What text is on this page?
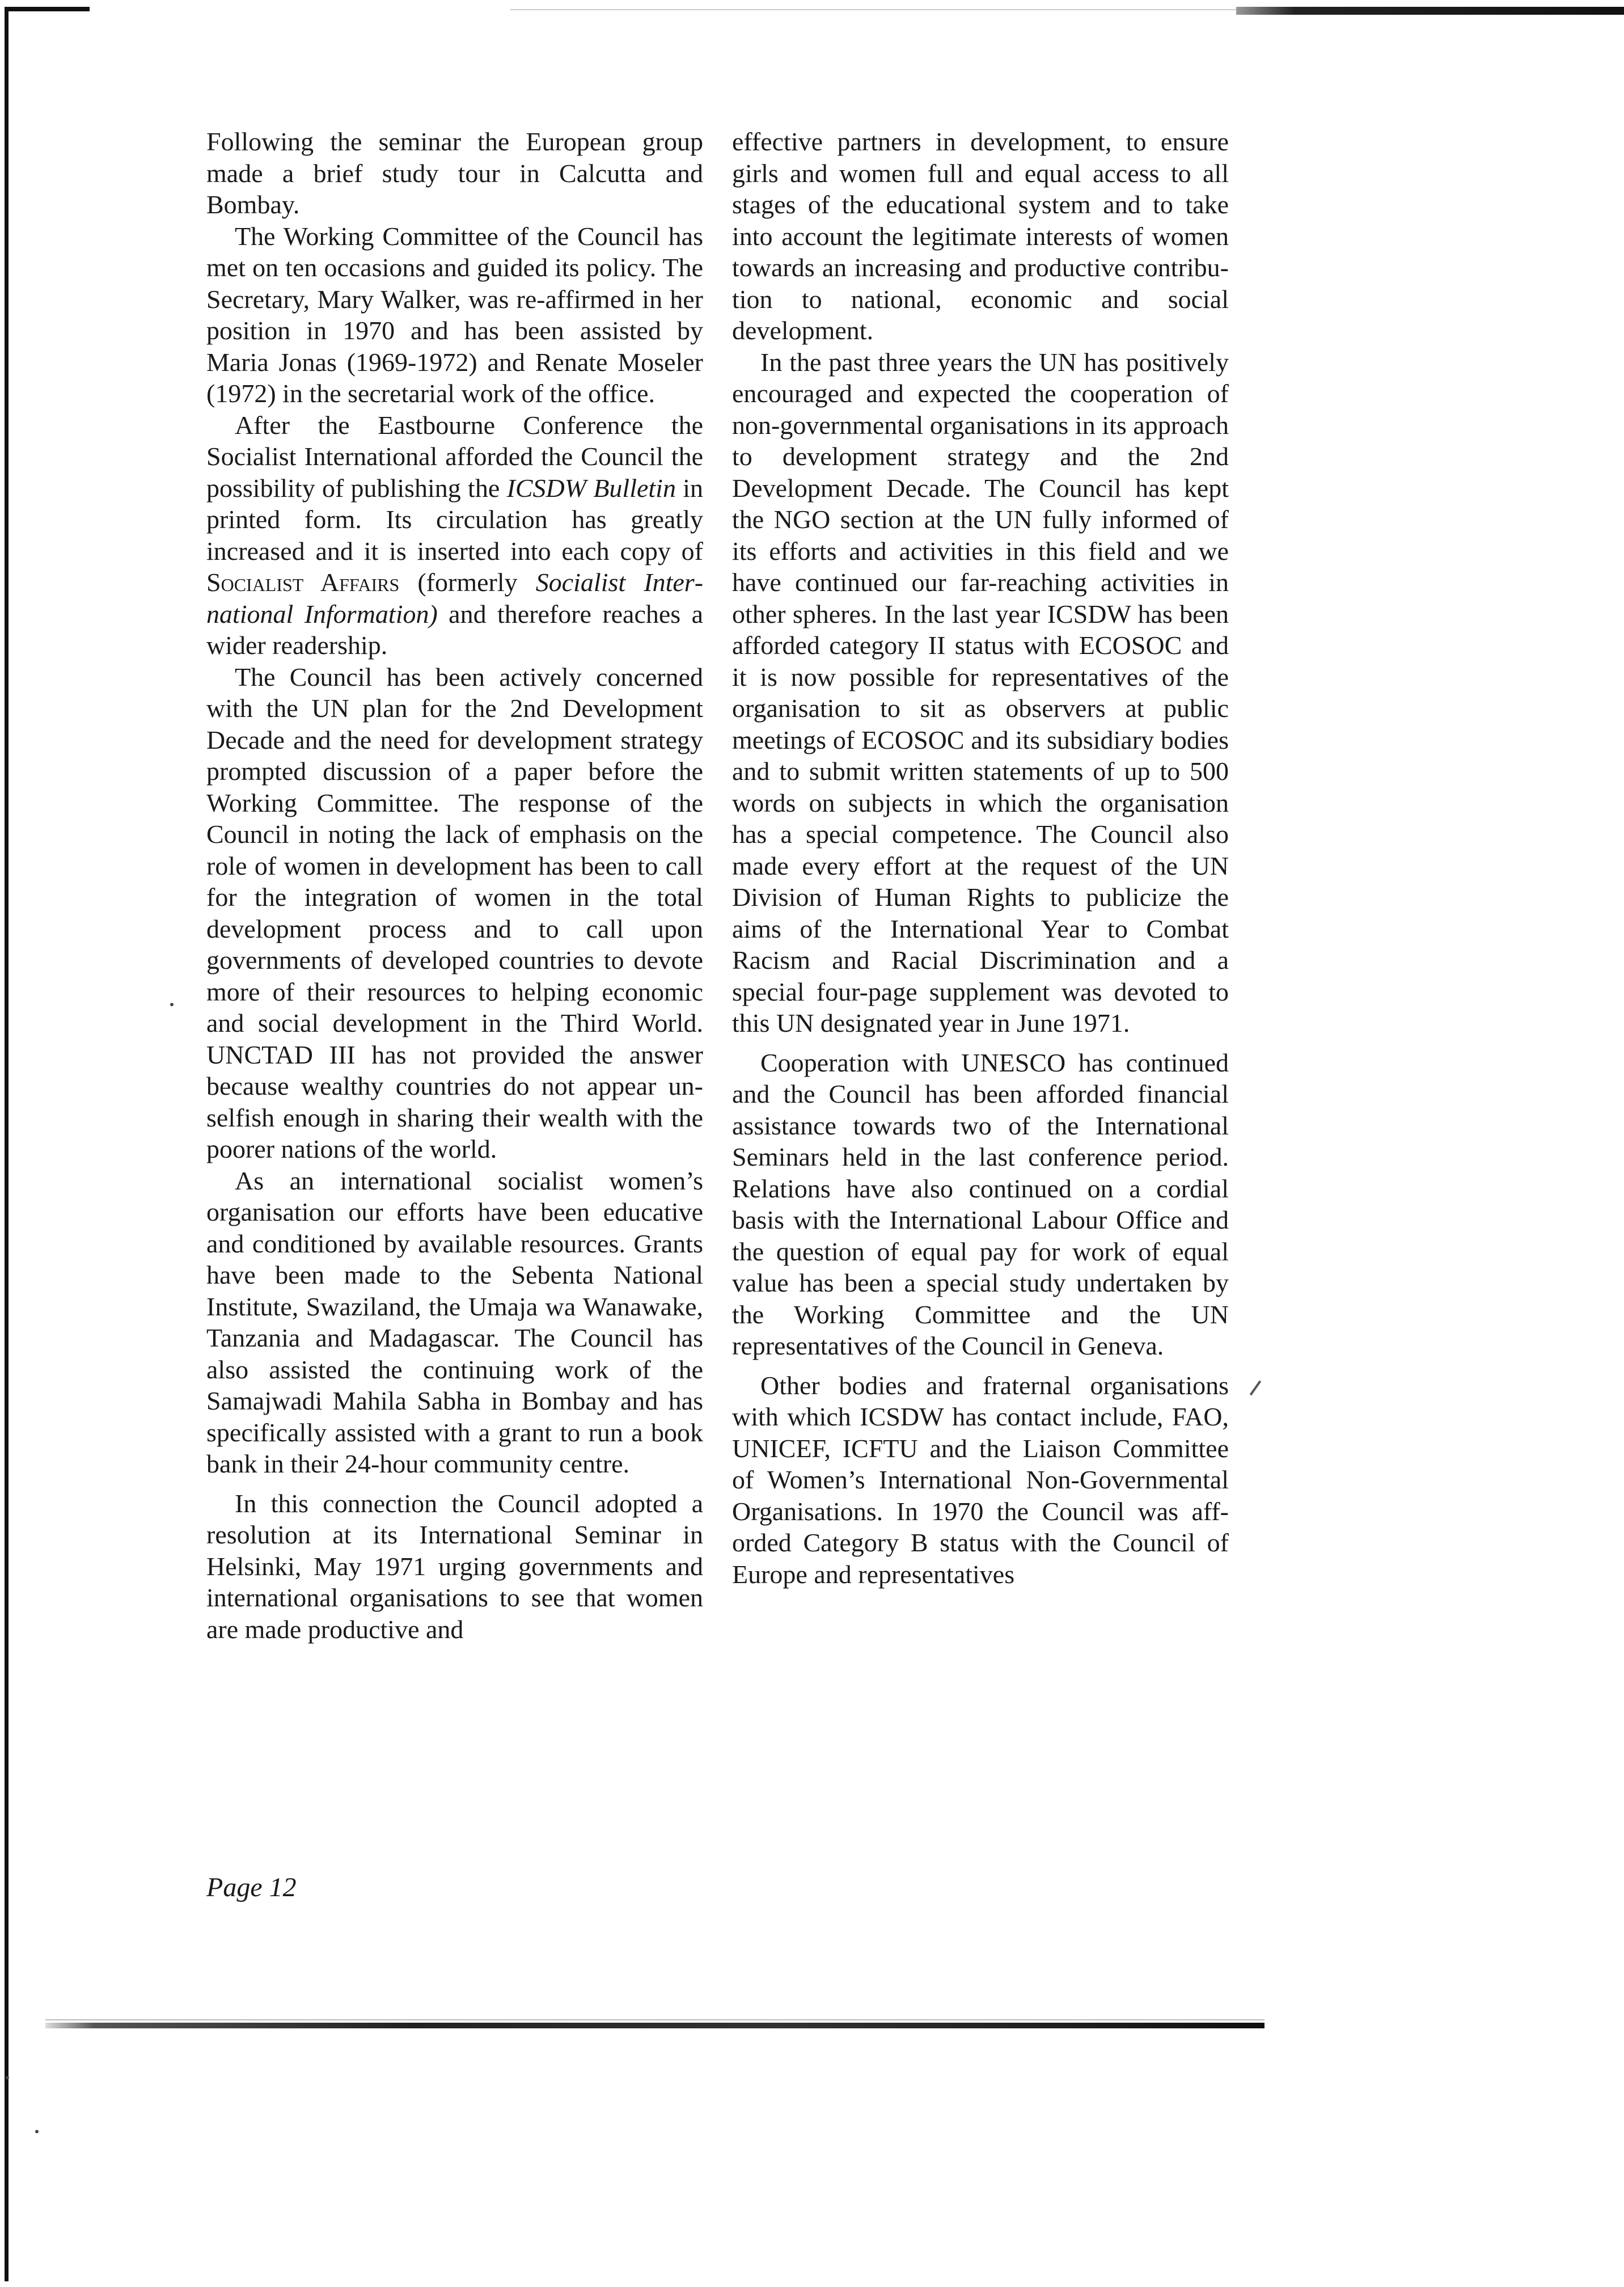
Following the seminar the European group made a brief study tour in Calcutta and Bombay.

The Working Committee of the Council has met on ten occasions and guided its policy. The Secretary, Mary Walker, was re-affirmed in her position in 1970 and has been assisted by Maria Jonas (1969-1972) and Renate Moseler (1972) in the secretarial work of the office.

After the Eastbourne Conference the Socialist International afforded the Council the possibility of publishing the ICSDW Bulletin in printed form. Its circulation has greatly increased and it is inserted into each copy of Socialist Affairs (formerly Socialist International Information) and therefore reaches a wider readership.

The Council has been actively concerned with the UN plan for the 2nd Development Decade and the need for development strategy prompted discussion of a paper before the Working Committee. The response of the Council in noting the lack of emphasis on the role of women in development has been to call for the integration of women in the total development process and to call upon governments of developed countries to devote more of their resources to helping economic and social development in the Third World. UNCTAD III has not provided the answer because wealthy countries do not appear unselfish enough in sharing their wealth with the poorer nations of the world.

As an international socialist women’s organisation our efforts have been educative and conditioned by available resources. Grants have been made to the Sebenta National Institute, Swaziland, the Umaja wa Wanawake, Tanzania and Madagascar. The Council has also assisted the continuing work of the Samajwadi Mahila Sabha in Bombay and has specifically assisted with a grant to run a book bank in their 24-hour community centre.

In this connection the Council adopted a resolution at its International Seminar in Helsinki, May 1971 urging governments and international organisations to see that women are made productive and

effective partners in development, to ensure girls and women full and equal access to all stages of the educational system and to take into account the legitimate interests of women towards an increasing and productive contribution to national, economic and social development.

In the past three years the UN has positively encouraged and expected the cooperation of non-governmental organisations in its approach to development strategy and the 2nd Development Decade. The Council has kept the NGO section at the UN fully informed of its efforts and activities in this field and we have continued our far-reaching activities in other spheres. In the last year ICSDW has been afforded category II status with ECOSOC and it is now possible for representatives of the organisation to sit as observers at public meetings of ECOSOC and its subsidiary bodies and to submit written statements of up to 500 words on subjects in which the organisation has a special competence. The Council also made every effort at the request of the UN Division of Human Rights to publicize the aims of the International Year to Combat Racism and Racial Discrimination and a special four-page supplement was devoted to this UN designated year in June 1971.

Cooperation with UNESCO has continued and the Council has been afforded financial assistance towards two of the International Seminars held in the last conference period. Relations have also continued on a cordial basis with the International Labour Office and the question of equal pay for work of equal value has been a special study undertaken by the Working Committee and the UN representatives of the Council in Geneva.

Other bodies and fraternal organisations with which ICSDW has contact include, FAO, UNICEF, ICFTU and the Liaison Committee of Women’s International Non-Governmental Organisations. In 1970 the Council was afforded Category B status with the Council of Europe and representatives

Page 12
